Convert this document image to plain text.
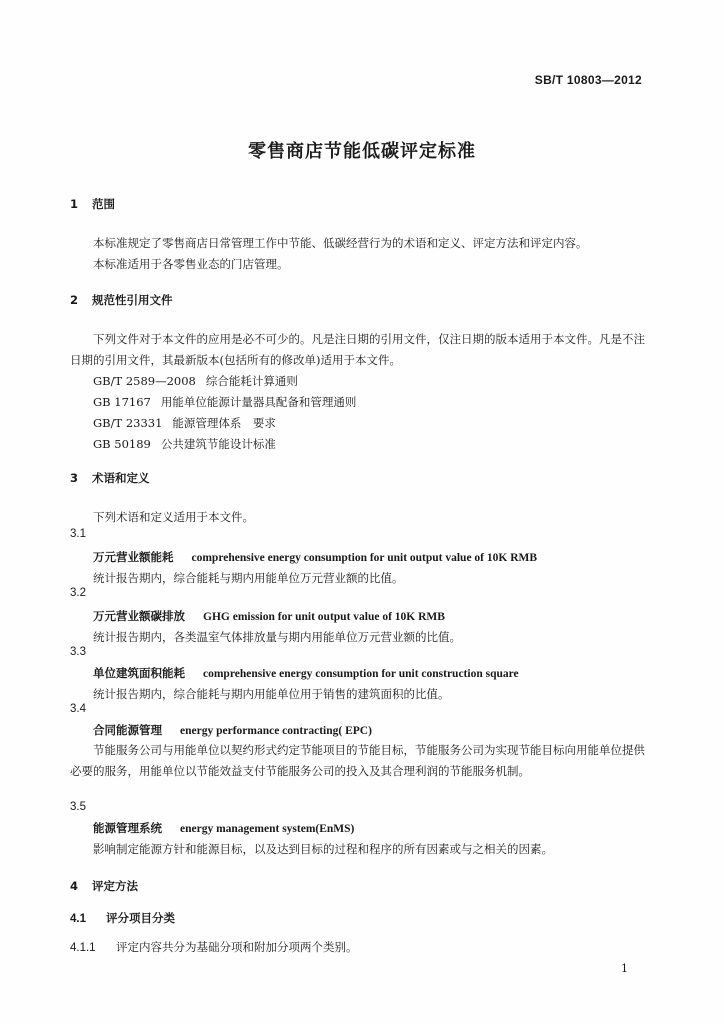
SB/T 10803—2012
零售商店节能低碳评定标准
1 范围
本标准规定了零售商店日常管理工作中节能、低碳经营行为的术语和定义、评定方法和评定内容。
本标准适用于各零售业态的门店管理。
2 规范性引用文件
下列文件对于本文件的应用是必不可少的。凡是注日期的引用文件，仅注日期的版本适用于本文件。凡是不注日期的引用文件，其最新版本(包括所有的修改单)适用于本文件。
GB/T 2589—2008 综合能耗计算通则
GB 17167 用能单位能源计量器具配备和管理通则
GB/T 23331 能源管理体系　要求
GB 50189 公共建筑节能设计标准
3 术语和定义
下列术语和定义适用于本文件。
3.1
万元营业额能耗 comprehensive energy consumption for unit output value of 10K RMB
统计报告期内，综合能耗与期内用能单位万元营业额的比值。
3.2
万元营业额碳排放 GHG emission for unit output value of 10K RMB
统计报告期内，各类温室气体排放量与期内用能单位万元营业额的比值。
3.3
单位建筑面积能耗 comprehensive energy consumption for unit construction square
统计报告期内，综合能耗与期内用能单位用于销售的建筑面积的比值。
3.4
合同能源管理 energy performance contracting( EPC)
节能服务公司与用能单位以契约形式约定节能项目的节能目标，节能服务公司为实现节能目标向用能单位提供必要的服务，用能单位以节能效益支付节能服务公司的投入及其合理利润的节能服务机制。
3.5
能源管理系统 energy management system(EnMS)
影响制定能源方针和能源目标，以及达到目标的过程和程序的所有因素或与之相关的因素。
4 评定方法
4.1 评分项目分类
4.1.1 评定内容共分为基础分项和附加分项两个类别。
1
